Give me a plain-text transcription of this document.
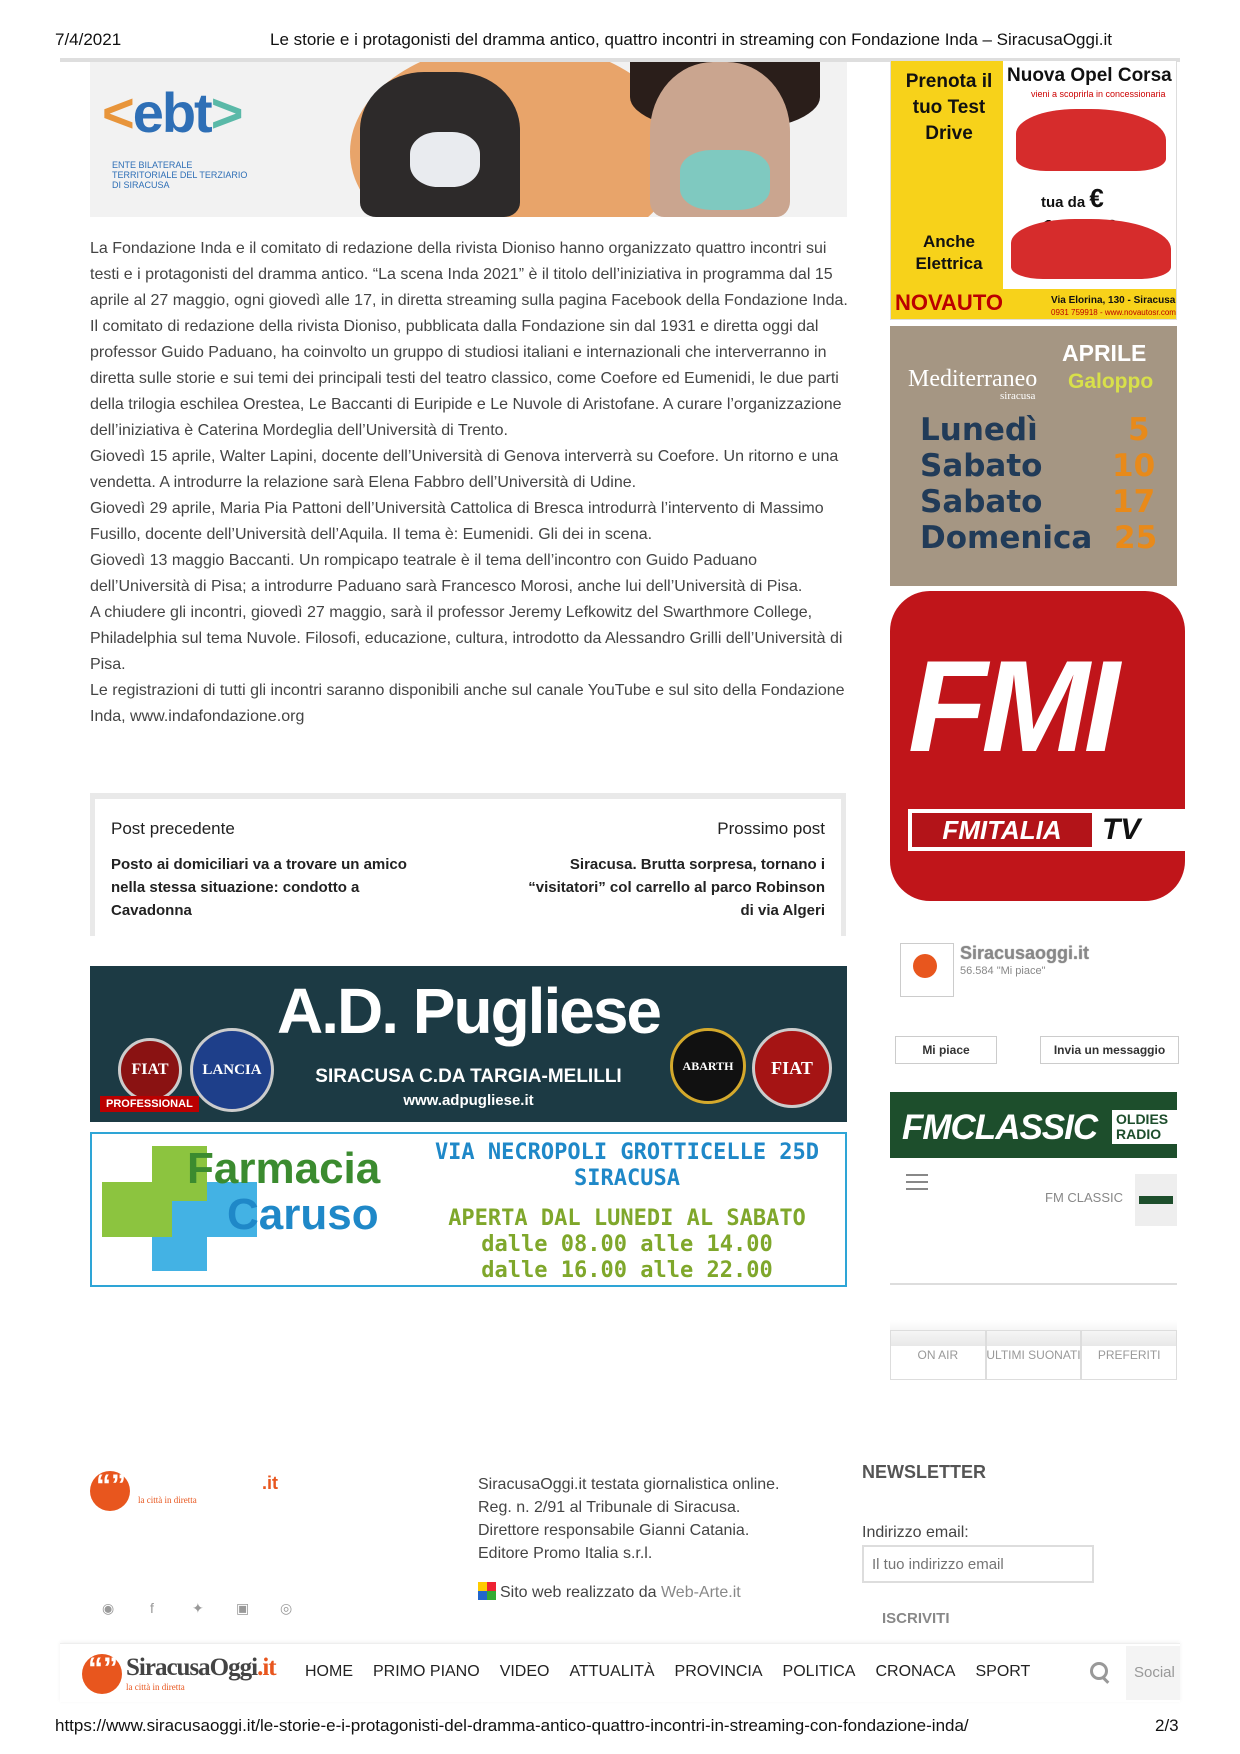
7/4/2021	Le storie e i protagonisti del dramma antico, quattro incontri in streaming con Fondazione Inda – SiracusaOggi.it
<ebt>
ENTE BILATERALE TERRITORIALE DEL TERZIARIO DI SIRACUSA

La Fondazione Inda e il comitato di redazione della rivista Dioniso hanno organizzato quattro incontri sui testi e i protagonisti del dramma antico. “La scena Inda 2021” è il titolo dell’iniziativa in programma dal 15 aprile al 27 maggio, ogni giovedì alle 17, in diretta streaming sulla pagina Facebook della Fondazione Inda.

Il comitato di redazione della rivista Dioniso, pubblicata dalla Fondazione sin dal 1931 e diretta oggi dal professor Guido Paduano, ha coinvolto un gruppo di studiosi italiani e internazionali che interverranno in diretta sulle storie e sui temi dei principali testi del teatro classico, come Coefore ed Eumenidi, le due parti della trilogia eschilea Orestea, Le Baccanti di Euripide e Le Nuvole di Aristofane. A curare l’organizzazione dell’iniziativa è Caterina Mordeglia dell’Università di Trento.

Giovedì 15 aprile, Walter Lapini, docente dell’Università di Genova interverrà su Coefore. Un ritorno e una vendetta. A introdurre la relazione sarà Elena Fabbro dell’Università di Udine.

Giovedì 29 aprile, Maria Pia Pattoni dell’Università Cattolica di Bresca introdurrà l’intervento di Massimo Fusillo, docente dell’Università dell’Aquila. Il tema è: Eumenidi. Gli dei in scena.

Giovedì 13 maggio Baccanti. Un rompicapo teatrale è il tema dell’incontro con Guido Paduano dell’Università di Pisa; a introdurre Paduano sarà Francesco Morosi, anche lui dell’Università di Pisa.

A chiudere gli incontri, giovedì 27 maggio, sarà il professor Jeremy Lefkowitz del Swarthmore College, Philadelphia sul tema Nuvole. Filosofi, educazione, cultura, introdotto da Alessandro Grilli dell’Università di Pisa.

Le registrazioni di tutti gli incontri saranno disponibili anche sul canale YouTube e sul sito della Fondazione Inda, www.indafondazione.org

Post precedente
Posto ai domiciliari va a trovare un amico nella stessa situazione: condotto a Cavadonna
Prossimo post
Siracusa. Brutta sorpresa, tornano i “visitatori” col carrello al parco Robinson di via Algeri
A.D. Pugliese
FIAT	LANCIA
PROFESSIONAL
SIRACUSA C.DA TARGIA-MELILLI
www.adpugliese.it
ABARTH	FIAT
Farmacia
Caruso
VIA NECROPOLI GROTTICELLE 25D
SIRACUSA
APERTA DAL LUNEDI AL SABATO
dalle 08.00 alle 14.00
dalle 16.00 alle 22.00
Prenota il tuo Test Drive
Anche Elettrica
Nuova Opel Corsa
vieni a scoprirla in concessionaria
tua da €
NOVAUTO	Via Elorina, 130 - Siracusa
0931 759918 - www.novautosr.com
Mediterraneo
siracusa
APRILE
Galoppo
Lunedì	5
Sabato 10
Sabato 17
Domenica 25
FMI
FMITALIA	TV
Siracusaoggi.it
56.584 "Mi piace"
Mi piace	Invia un messaggio
FMCLASSIC OLDIES RADIO
FM CLASSIC
ON AIR	ULTIMI SUONATI	PREFERITI
“”
la città in diretta
.it
◉	f	✦ ▣ ◎
SiracusaOggi.it testata giornalistica online.
Reg. n. 2/91 al Tribunale di Siracusa.
Direttore responsabile Gianni Catania.
Editore Promo Italia s.r.l.
Sito web realizzato da Web-Arte.it
NEWSLETTER
Indirizzo email:
Il tuo indirizzo email
ISCRIVITI
“”
SiracusaOggi.it
la città in diretta
HOME PRIMO PIANO VIDEO ATTUALITÀ PROVINCIA POLITICA CRONACA SPORT	Social
https://www.siracusaoggi.it/le-storie-e-i-protagonisti-del-dramma-antico-quattro-incontri-in-streaming-con-fondazione-inda/	2/3
